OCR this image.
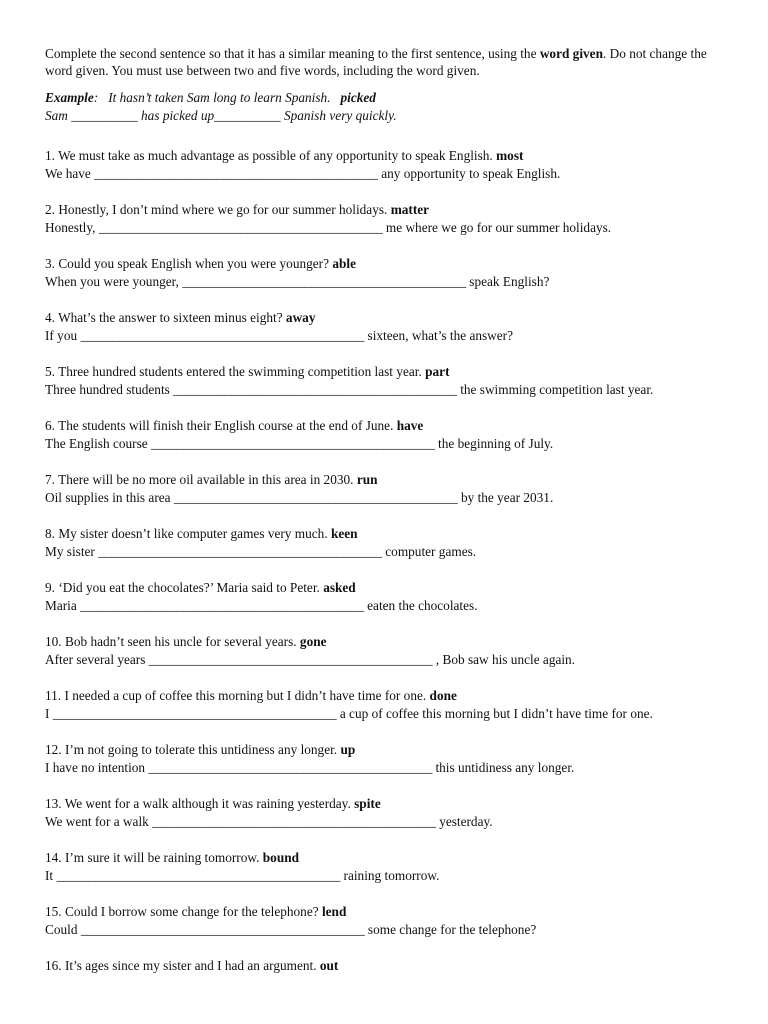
Complete the second sentence so that it has a similar meaning to the first sentence, using the word given. Do not change the word given. You must use between two and five words, including the word given.

Example: It hasn’t taken Sam long to learn Spanish. picked
Sam __________ has picked up__________ Spanish very quickly.
1. We must take as much advantage as possible of any opportunity to speak English. most
We have ____________________________________________ any opportunity to speak English.
2. Honestly, I don’t mind where we go for our summer holidays. matter
Honestly, ____________________________________________ me where we go for our summer holidays.
3. Could you speak English when you were younger? able
When you were younger, ____________________________________________ speak English?
4. What’s the answer to sixteen minus eight? away
If you ____________________________________________ sixteen, what’s the answer?
5. Three hundred students entered the swimming competition last year. part
Three hundred students ____________________________________________ the swimming competition last year.
6. The students will finish their English course at the end of June. have
The English course ____________________________________________ the beginning of July.
7. There will be no more oil available in this area in 2030. run
Oil supplies in this area ____________________________________________ by the year 2031.
8. My sister doesn’t like computer games very much. keen
My sister ____________________________________________ computer games.
9. ‘Did you eat the chocolates?’ Maria said to Peter. asked
Maria ____________________________________________ eaten the chocolates.
10. Bob hadn’t seen his uncle for several years. gone
After several years ____________________________________________ , Bob saw his uncle again.
11. I needed a cup of coffee this morning but I didn’t have time for one. done
I ____________________________________________ a cup of coffee this morning but I didn’t have time for one.
12. I’m not going to tolerate this untidiness any longer. up
I have no intention ____________________________________________ this untidiness any longer.
13. We went for a walk although it was raining yesterday. spite
We went for a walk ____________________________________________ yesterday.
14. I’m sure it will be raining tomorrow. bound
It ____________________________________________ raining tomorrow.
15. Could I borrow some change for the telephone? lend
Could ____________________________________________ some change for the telephone?
16. It’s ages since my sister and I had an argument. out
